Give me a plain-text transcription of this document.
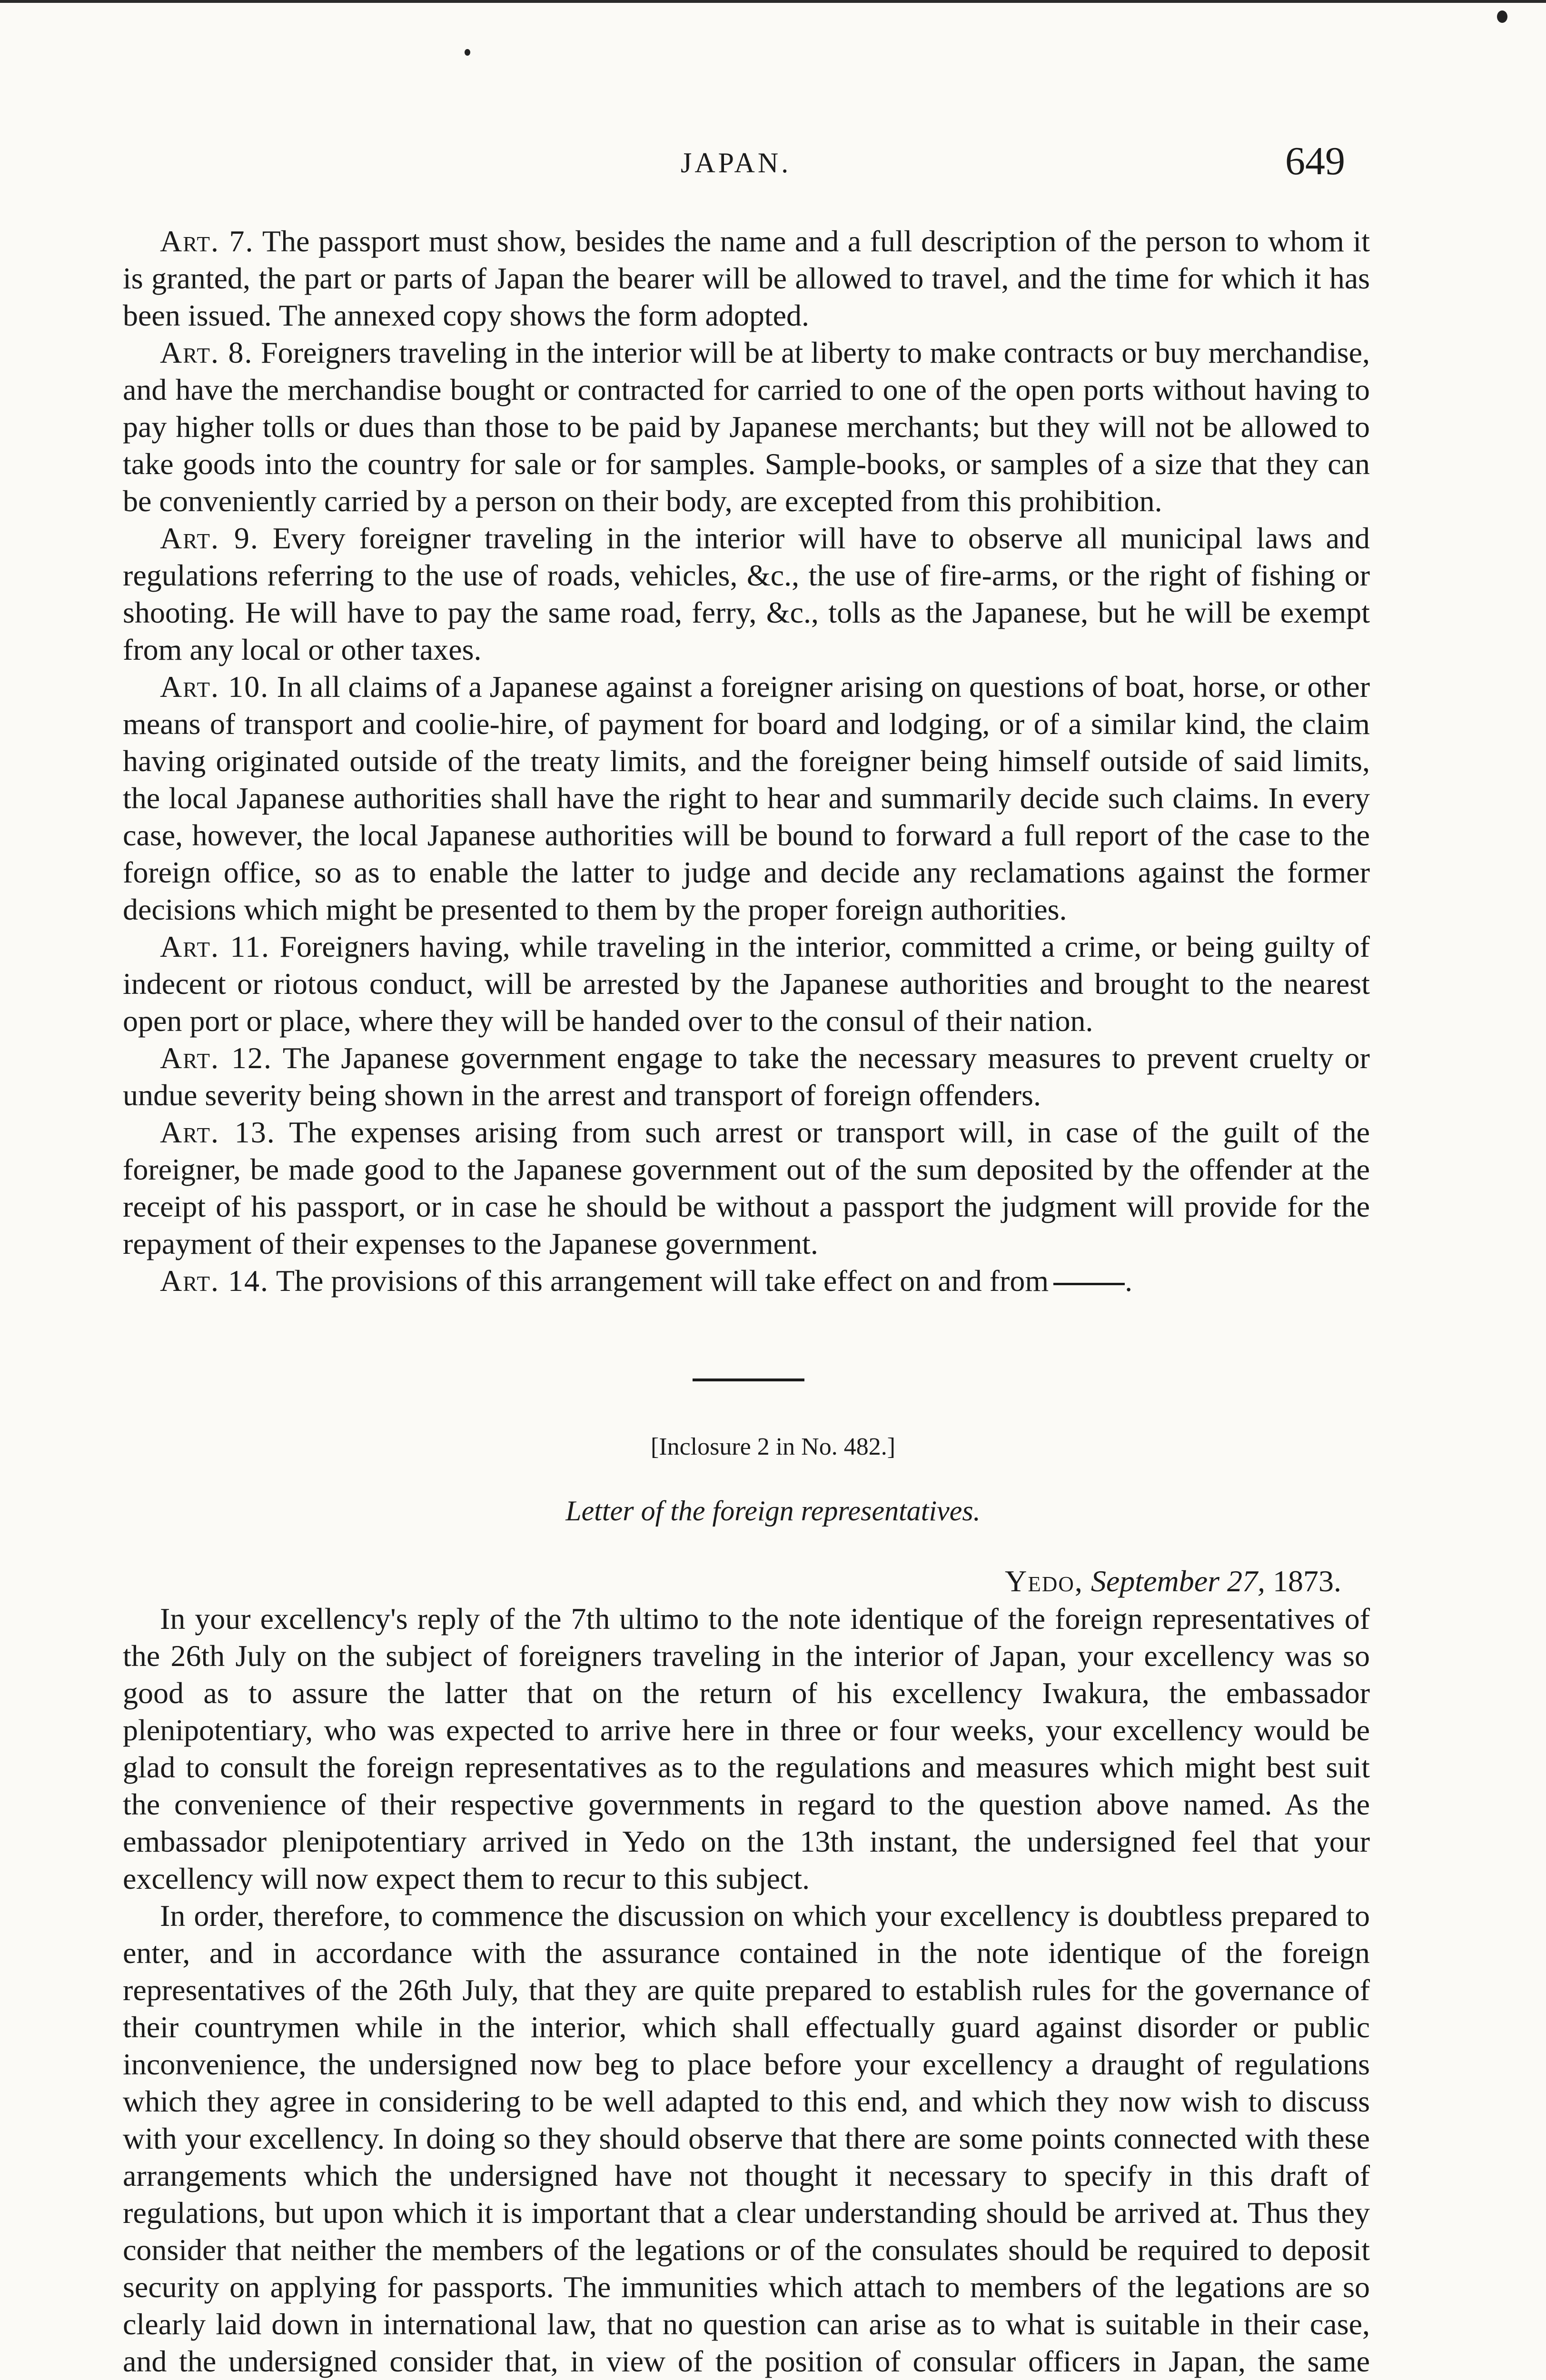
JAPAN.	649

Art. 7. The passport must show, besides the name and a full description of the person to whom it is granted, the part or parts of Japan the bearer will be allowed to travel, and the time for which it has been issued. The annexed copy shows the form adopted.

Art. 8. Foreigners traveling in the interior will be at liberty to make contracts or buy merchandise, and have the merchandise bought or contracted for carried to one of the open ports without having to pay higher tolls or dues than those to be paid by Japanese merchants; but they will not be allowed to take goods into the country for sale or for samples. Sample-books, or samples of a size that they can be conveniently carried by a person on their body, are excepted from this prohibition.

Art. 9. Every foreigner traveling in the interior will have to observe all municipal laws and regulations referring to the use of roads, vehicles, &c., the use of fire-arms, or the right of fishing or shooting. He will have to pay the same road, ferry, &c., tolls as the Japanese, but he will be exempt from any local or other taxes.

Art. 10. In all claims of a Japanese against a foreigner arising on questions of boat, horse, or other means of transport and coolie-hire, of payment for board and lodging, or of a similar kind, the claim having originated outside of the treaty limits, and the foreigner being himself outside of said limits, the local Japanese authorities shall have the right to hear and summarily decide such claims. In every case, however, the local Japanese authorities will be bound to forward a full report of the case to the foreign office, so as to enable the latter to judge and decide any reclamations against the former decisions which might be presented to them by the proper foreign authorities.

Art. 11. Foreigners having, while traveling in the interior, committed a crime, or being guilty of indecent or riotous conduct, will be arrested by the Japanese authorities and brought to the nearest open port or place, where they will be handed over to the consul of their nation.

Art. 12. The Japanese government engage to take the necessary measures to prevent cruelty or undue severity being shown in the arrest and transport of foreign offenders.

Art. 13. The expenses arising from such arrest or transport will, in case of the guilt of the foreigner, be made good to the Japanese government out of the sum deposited by the offender at the receipt of his passport, or in case he should be without a passport the judgment will provide for the repayment of their expenses to the Japanese government.

Art. 14. The provisions of this arrangement will take effect on and from	.

[Inclosure 2 in No. 482.]
Letter of the foreign representatives.
Yedo, September 27, 1873.

In your excellency's reply of the 7th ultimo to the note identique of the foreign representatives of the 26th July on the subject of foreigners traveling in the interior of Japan, your excellency was so good as to assure the latter that on the return of his excellency Iwakura, the embassador plenipotentiary, who was expected to arrive here in three or four weeks, your excellency would be glad to consult the foreign representatives as to the regulations and measures which might best suit the convenience of their respective governments in regard to the question above named. As the embassador plenipotentiary arrived in Yedo on the 13th instant, the undersigned feel that your excellency will now expect them to recur to this subject.

In order, therefore, to commence the discussion on which your excellency is doubtless prepared to enter, and in accordance with the assurance contained in the note identique of the foreign representatives of the 26th July, that they are quite prepared to establish rules for the governance of their countrymen while in the interior, which shall effectually guard against disorder or public inconvenience, the undersigned now beg to place before your excellency a draught of regulations which they agree in considering to be well adapted to this end, and which they now wish to discuss with your excellency. In doing so they should observe that there are some points connected with these arrangements which the undersigned have not thought it necessary to specify in this draft of regulations, but upon which it is important that a clear understanding should be arrived at. Thus they consider that neither the members of the legations or of the consulates should be required to deposit security on applying for passports. The immunities which attach to members of the legations are so clearly laid down in international law, that no question can arise as to what is suitable in their case, and the undersigned consider that, in view of the position of consular officers in Japan, the same
